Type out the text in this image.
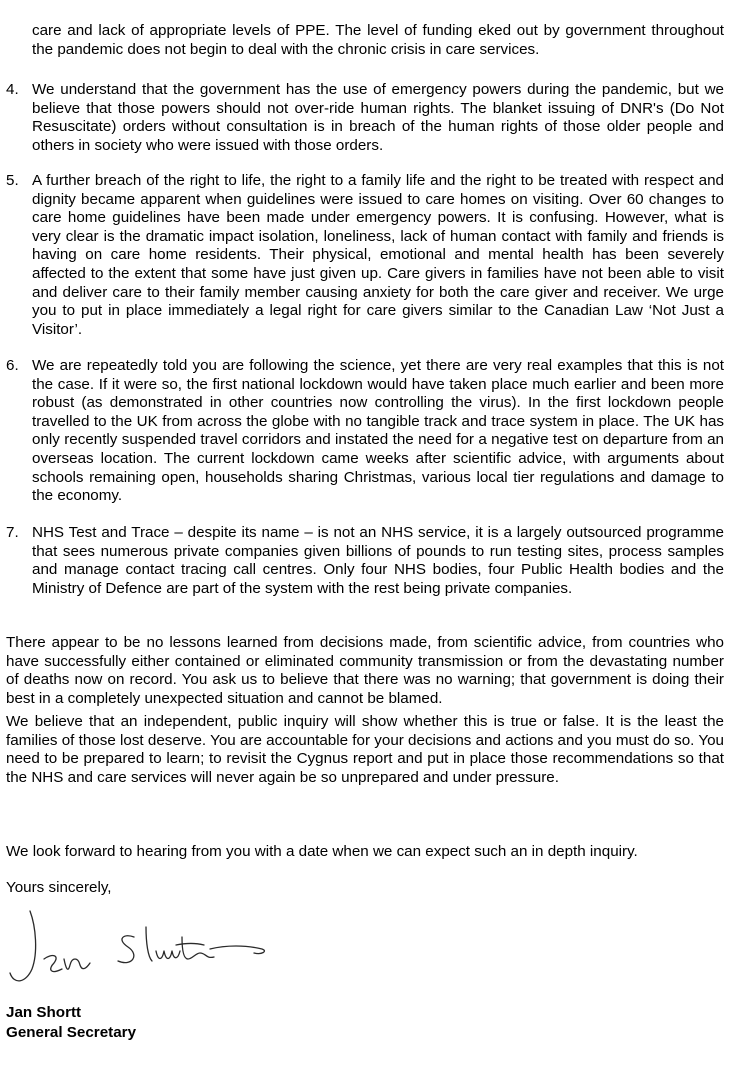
care and lack of appropriate levels of PPE. The level of funding eked out by government throughout the pandemic does not begin to deal with the chronic crisis in care services.

4. We understand that the government has the use of emergency powers during the pandemic, but we believe that those powers should not over-ride human rights. The blanket issuing of DNR's (Do Not Resuscitate) orders without consultation is in breach of the human rights of those older people and others in society who were issued with those orders.

5. A further breach of the right to life, the right to a family life and the right to be treated with respect and dignity became apparent when guidelines were issued to care homes on visiting. Over 60 changes to care home guidelines have been made under emergency powers. It is confusing. However, what is very clear is the dramatic impact isolation, loneliness, lack of human contact with family and friends is having on care home residents. Their physical, emotional and mental health has been severely affected to the extent that some have just given up. Care givers in families have not been able to visit and deliver care to their family member causing anxiety for both the care giver and receiver. We urge you to put in place immediately a legal right for care givers similar to the Canadian Law ‘Not Just a Visitor’.

6. We are repeatedly told you are following the science, yet there are very real examples that this is not the case. If it were so, the first national lockdown would have taken place much earlier and been more robust (as demonstrated in other countries now controlling the virus). In the first lockdown people travelled to the UK from across the globe with no tangible track and trace system in place. The UK has only recently suspended travel corridors and instated the need for a negative test on departure from an overseas location. The current lockdown came weeks after scientific advice, with arguments about schools remaining open, households sharing Christmas, various local tier regulations and damage to the economy.

7. NHS Test and Trace – despite its name – is not an NHS service, it is a largely outsourced programme that sees numerous private companies given billions of pounds to run testing sites, process samples and manage contact tracing call centres. Only four NHS bodies, four Public Health bodies and the Ministry of Defence are part of the system with the rest being private companies.

There appear to be no lessons learned from decisions made, from scientific advice, from countries who have successfully either contained or eliminated community transmission or from the devastating number of deaths now on record. You ask us to believe that there was no warning; that government is doing their best in a completely unexpected situation and cannot be blamed.

We believe that an independent, public inquiry will show whether this is true or false. It is the least the families of those lost deserve. You are accountable for your decisions and actions and you must do so. You need to be prepared to learn; to revisit the Cygnus report and put in place those recommendations so that the NHS and care services will never again be so unprepared and under pressure.

We look forward to hearing from you with a date when we can expect such an in depth inquiry.

Yours sincerely,

Jan Shortt
General Secretary
